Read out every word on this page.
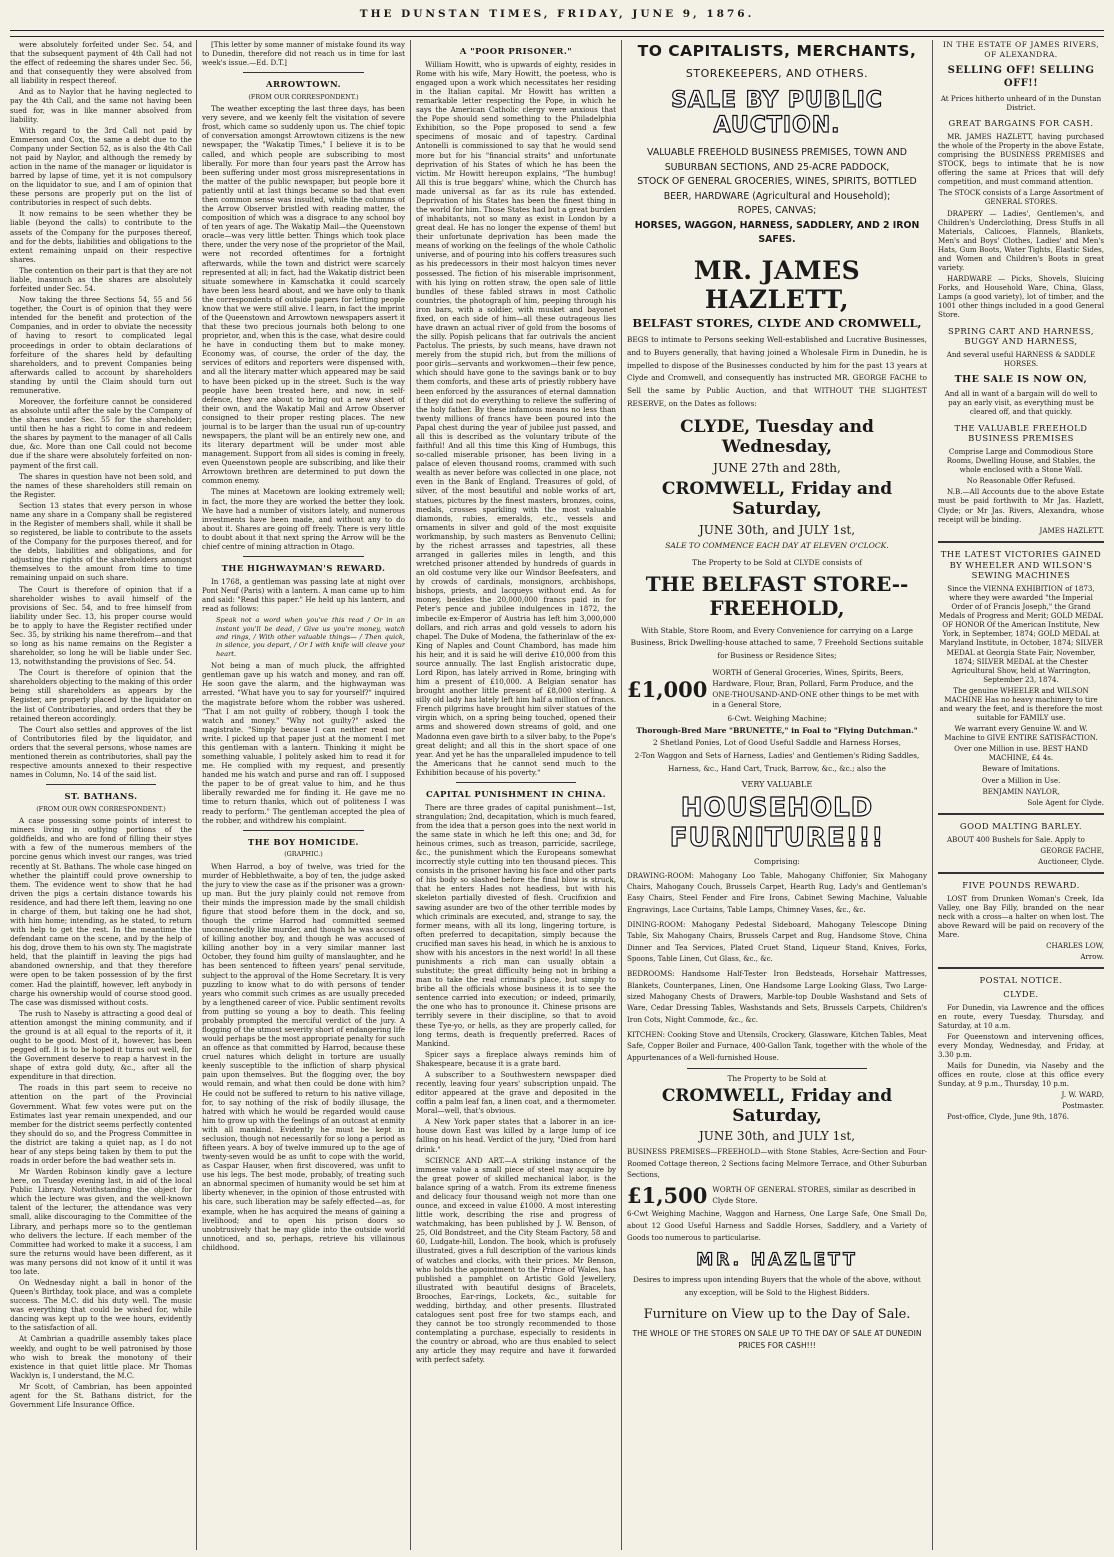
THE DUNSTAN TIMES, FRIDAY, JUNE 9, 1876.

were absolutely forfeited under Sec. 54, and that the subsequent payment of 4th Call had not the effect of redeeming the shares under Sec. 56, and that consequently they were absolved from all liability in respect thereof.

And as to Naylor that he having neglected to pay the 4th Call, and the same not having been sued for, was in like manner absolved from liability.

With regard to the 3rd Call not paid by Emmerson and Cox, the same a debt due to the Company under Section 52, as is also the 4th Call not paid by Naylor, and although the remedy by action in the name of the manager or liquidator is barred by lapse of time, yet it is not compulsory on the liquidator to sue, and I am of opinion that these persons are properly put on the list of contributories in respect of such debts.

It now remains to be seen whether they be liable (beyond the calls) to contribute to the assets of the Company for the purposes thereof, and for the debts, liabilities and obligations to the extent remaining unpaid on their respective shares.

The contention on their part is that they are not liable, inasmuch as the shares are absolutely forfeited under Sec. 54.

Now taking the three Sections 54, 55 and 56 together, the Court is of opinion that they were intended for the benefit and protection of the Companies, and in order to obviate the necessity of having to resort to complicated legal proceedings in order to obtain declarations of forfeiture of the shares held by defaulting shareholders, and to prevent Companies being afterwards called to account by shareholders standing by until the Claim should turn out remunerative.

Moreover, the forfeiture cannot be considered as absolute until after the sale by the Company of the shares under Sec. 55 for the shareholder; until then he has a right to come in and redeem the shares by payment to the manager of all Calls due, &c. More than one Call could not become due if the share were absolutely forfeited on non-payment of the first call.

The shares in question have not been sold, and the names of these shareholders still remain on the Register.

Section 13 states that every person in whose name any share in a Company shall be registered in the Register of members shall, while it shall be so registered, be liable to contribute to the assets of the Company for the purposes thereof, and for the debts, liabilities and obligations, and for adjusting the rights of the shareholders amongst themselves to the amount from time to time remaining unpaid on such share.

The Court is therefore of opinion that if a shareholder wishes to avail himself of the provisions of Sec. 54, and to free himself from liability under Sec. 13, his proper course would be to apply to have the Register rectified under Sec. 35, by striking his name therefrom—and that so long as his name remains on the Register a shareholder, so long he will be liable under Sec. 13, notwithstanding the provisions of Sec. 54.

The Court is therefore of opinion that the shareholders objecting to the making of this order being still shareholders as appears by the Register, are properly placed by the liquidator on the list of Contributories, and orders that they be retained thereon accordingly.

The Court also settles and approves of the list of Contributories filed by the liquidator, and orders that the several persons, whose names are mentioned therein as contributories, shall pay the respective amounts annexed to their respective names in Column, No. 14 of the said list.

ST. BATHANS.
(FROM OUR OWN CORRESPONDENT.)

A case possessing some points of interest to miners living in outlying portions of the goldfields, and who are fond of filling their styes with a few of the numerous members of the porcine genus which invest our ranges, was tried recently at St. Bathans. The whole case hinged on whether the plaintiff could prove ownership to them. The evidence went to show that he had driven the pigs a certain distance towards his residence, and had there left them, leaving no one in charge of them, but taking one he had shot, with him home; intending, as he stated, to return with help to get the rest. In the meantime the defendant came on the scene, and by the help of his dog, drove them to his own sty. The magistrate held, that the plaintiff in leaving the pigs had abandoned ownership, and that they therefore were open to be taken possession of by the first comer. Had the plaintiff, however, left anybody in charge his ownership would of course stood good. The case was dismissed without costs.

The rush to Naseby is attracting a good deal of attention amongst the mining community, and if the ground is at all equal to the reports of it, it ought to be good. Most of it, however, has been pegged off. It is to be hoped it turns out well, for the Government deserve to reap a harvest in the shape of extra gold duty, &c., after all the expenditure in that direction.

The roads in this part seem to receive no attention on the part of the Provincial Government. What few votes were put on the Estimates last year remain unexpended, and our member for the district seems perfectly contented they should do so, and the Progress Committee in the district are taking a quiet nap, as I do not hear of any steps being taken by them to put the roads in order before the bad weather sets in.

Mr Warden Robinson kindly gave a lecture here, on Tuesday evening last, in aid of the local Public Library. Notwithstanding the object for which the lecture was given, and the well-known talent of the lecturer, the attendance was very small, alike discouraging to the Committee of the Library, and perhaps more so to the gentleman who delivers the lecture. If each member of the Committee had worked to make it a success, I am sure the returns would have been different, as it was many persons did not know of it until it was too late.

On Wednesday night a ball in honor of the Queen's Birthday, took place, and was a complete success. The M.C. did his duty well. The music was everything that could be wished for, while dancing was kept up to the wee hours, evidently to the satisfaction of all.

At Cambrian a quadrille assembly takes place weekly, and ought to be well patronised by those who wish to break the monotony of their existence in that quiet little place. Mr Thomas Wacklyn is, I understand, the M.C.

Mr Scott, of Cambrian, has been appointed agent for the St. Bathans district, for the Government Life Insurance Office.

[This letter by some manner of mistake found its way to Dunedin, therefore did not reach us in time for last week's issue.—Ed. D.T.]

ARROWTOWN.
(FROM OUR CORRESPONDENT.)

The weather excepting the last three days, has been very severe, and we keenly felt the visitation of severe frost, which came so suddenly upon us. The chief topic of conversation amongst Arrowtown citizens is the new newspaper, the "Wakatip Times," I believe it is to be called, and which people are subscribing to most liberally. For more than four years past the Arrow has been suffering under most gross misrepresentations in the matter of the public newspaper, but people bore it patiently until at last things became so bad that even then common sense was insulted, while the columns of the Arrow Observer bristled with reading matter, the composition of which was a disgrace to any school boy of ten years of age. The Wakatip Mail—the Queenstown oracle—was very little better. Things which took place there, under the very nose of the proprietor of the Mail, were not recorded oftentimes for a fortnight afterwards, while the town and district were scarcely represented at all; in fact, had the Wakatip district been situate somewhere in Kamschatka it could scarcely have been less heard about, and we have only to thank the correspondents of outside papers for letting people know that we were still alive. I learn, in fact the imprint of the Queenstown and Arrowtown newspapers assert it that these two precious journals both belong to one proprietor, and, when this is the case, what desire could he have in conducting them but to make money. Economy was, of course, the order of the day, the services of editors and reporters were dispensed with, and all the literary matter which appeared may be said to have been picked up in the street. Such is the way people have been treated here, and now, in self-defence, they are about to bring out a new sheet of their own, and the Wakatip Mail and Arrow Observer consigned to their proper resting places. The new journal is to be larger than the usual run of up-country newspapers, the plant will be an entirely new one, and its literary department will be under most able management. Support from all sides is coming in freely, even Queenstown people are subscribing, and like their Arrowtown brethren are determined to put down the common enemy.

The mines at Macetown are looking extremely well; in fact, the more they are worked the better they look. We have had a number of visitors lately, and numerous investments have been made, and without any to do about it. Shares are going off freely. There is very little to doubt about it that next spring the Arrow will be the chief centre of mining attraction in Otago.

THE HIGHWAYMAN'S REWARD.

In 1768, a gentleman was passing late at night over Pont Neuf (Paris) with a lantern. A man came up to him and said: "Read this paper." He held up his lantern, and read as follows:

Speak not a word when you've this read / Or in an instant you'll be dead, / Give us you're money, watch and rings, / With other valuable things— / Then quick, in silence, you depart, / Or I with knife will cleave your heart.

Not being a man of much pluck, the affrighted gentleman gave up his watch and money, and ran off. He soon gave the alarm, and the highwayman was arrested. "What have you to say for yourself?" inquired the magistrate before whom the robber was ushered. "That I am not guilty of robbery, though I took the watch and money." "Why not guilty?" asked the magistrate. "Simply because I can neither read nor write. I picked up that paper just at the moment I met this gentleman with a lantern. Thinking it might be something valuable, I politely asked him to read it for me. He complied with my request, and presently handed me his watch and purse and ran off. I supposed the paper to be of great value to him, and he thus liberally rewarded me for finding it. He gave me no time to return thanks, which out of politeness I was ready to perform." The gentleman accepted the plea of the robber, and withdrew his complaint.

THE BOY HOMICIDE.
(GRAPHIC.)

When Harrod, a boy of twelve, was tried for the murder of Hebblethwaite, a boy of ten, the judge asked the jury to view the case as if the prisoner was a grown-up man. But the jury plainly could not remove from their minds the impression made by the small childish figure that stood before them in the dock, and so, though the crime Harrod had committed seemed unconnectedly like murder, and though he was accused of killing another boy, and though he was accused of killing another boy in a very similar manner last October, they found him guilty of manslaughter, and he has been sentenced to fifteen years' penal servitude, subject to the approval of the Home Secretary. It is very puzzling to know what to do with persons of tender years who commit such crimes as are usually preceded by a lengthened career of vice. Public sentiment revolts from putting so young a boy to death. This feeling probably prompted the merciful verdict of the jury. A flogging of the utmost severity short of endangering life would perhaps be the most appropriate penalty for such an offence as that committed by Harrod, because these cruel natures which delight in torture are usually keenly susceptible to the infliction of sharp physical pain upon themselves. But the flogging over, the boy would remain, and what then could be done with him? He could not be suffered to return to his native village, for, to say nothing of the risk of bodily illusage, the hatred with which he would be regarded would cause him to grow up with the feelings of an outcast at enmity with all mankind. Evidently he must be kept in seclusion, though not necessarily for so long a period as fifteen years. A boy of twelve immured up to the age of twenty-seven would be as unfit to cope with the world, as Caspar Hauser, when first discovered, was unfit to use his legs. The best mode, probably, of treating such an abnormal specimen of humanity would be set him at liberty whenever, in the opinion of those entrusted with his care, such liberation may be safely effected—as, for example, when he has acquired the means of gaining a livelihood; and to open his prison doors so unobtrusively that he may glide into the outside world unnoticed, and so, perhaps, retrieve his villainous childhood.

A "POOR PRISONER."

William Howitt, who is upwards of eighty, resides in Rome with his wife, Mary Howitt, the poetess, who is engaged upon a work which necessitates her residing in the Italian capital. Mr Howitt has written a remarkable letter respecting the Pope, in which he says the American Catholic clergy were anxious that the Pope should send something to the Philadelphia Exhibition, so the Pope proposed to send a few specimens of mosaic and of tapestry. Cardinal Antonelli is commissioned to say that he would send more but for his "financial straits" and unfortunate deprivation of his States of which he has been the victim. Mr Howitt hereupon explains, "The humbug! All this is true beggars' whine, which the Church has made universal as far as its rule has extended. Deprivation of his States has been the finest thing in the world for him. Those States had but a great burden of inhabitants, not so many as exist in London by a great deal. He has no longer the expense of them! but their unfortunate deprivation has been made the means of working on the feelings of the whole Catholic universe, and of pouring into his coffers treasures such as his predecessors in their most halcyon times never possessed. The fiction of his miserable imprisonment, with his lying on rotten straw, the open sale of little bundles of these fabled straws in most Catholic countries, the photograph of him, peeping through his iron bars, with a soldier, with musket and bayonet fixed, on each side of him—all these outrageous lies have drawn an actual river of gold from the bosoms of the silly. Popish pelicans that far outrivals the ancient Pactolus. The priests, by such means, have drawn not merely from the stupid rich, but from the millions of poor girls—servants and workwomen—their few pence, which should have gone to the savings bank or to buy them comforts, and these arts of priestly robbery have been enforced by the assurances of eternal damnation if they did not do everything to relieve the suffering of the holy father. By these infamous means no less than twenty millions of francs have been poured into the Papal chest during the year of jubilee just passed, and all this is described as the voluntary tribute of the faithful! And all this time this King of Humbugs, this so-called miserable prisoner, has been living in a palace of eleven thousand rooms, crammed with such wealth as never before was collected in one place, not even in the Bank of England. Treasures of gold, of silver, of the most beautiful and noble works of art, statues, pictures by the finest masters, bronzes, coins, medals, crosses sparkling with the most valuable diamonds, rubies, emeralds, etc., vessels and ornaments in silver and gold of the most exquisite workmanship, by such masters as Benvenuto Cellini; by the richest arrasses and tapestries, all these arranged in galleries miles in length, and this wretched prisoner attended by hundreds of guards in an old costume very like our Windsor Beefeaters, and by crowds of cardinals, monsignors, archbishops, bishops, priests, and lacqueys without end. As for money, besides the 20,000,000 francs paid in for Peter's pence and jubilee indulgences in 1872, the imbecile ex-Emperor of Austria has left him 3,000,000 dollars, and rich arras and gold vessels to adorn his chapel. The Duke of Modena, the fatherinlaw of the ex-King of Naples and Count Chambord, has made him his heir, and it is said he will derive £10,000 from this source annually. The last English aristocratic dupe, Lord Ripon, has lately arrived in Rome, bringing with him a present of £10,000. A Belgian senator has brought another little present of £8,000 sterling. A silly old lady has lately left him half a million of francs. French pilgrims have brought him silver statues of the virgin which, on a spring being touched, opened their arms and showered down streams of gold, and one Madonna even gave birth to a silver baby, to the Pope's great delight; and all this in the short space of one year. And yet he has the unparalleled impudence to tell the Americans that he cannot send much to the Exhibition because of his poverty."

CAPITAL PUNISHMENT IN CHINA.

There are three grades of capital punishment—1st, strangulation; 2nd, decapitation, which is much feared, from the idea that a person goes into the next world in the same state in which he left this one; and 3d, for heinous crimes, such as treason, parricide, sacrilege, &c., the punishment which the Europeans somewhat incorrectly style cutting into ten thousand pieces. This consists in the prisoner having his face and other parts of his body so slashed before the final blow is struck, that he enters Hades not headless, but with his skeleton partially divested of flesh. Crucifixion and sawing asunder are two of the other terrible modes by which criminals are executed, and, strange to say, the former means, with all its long, lingering torture, is often preferred to decapitation, simply because the crucified man saves his head, in which he is anxious to show with his ancestors in the next world! In all these punishments a rich man can usually obtain a substitute; the great difficulty being not in bribing a man to take the real criminal's place, but simply to bribe all the officials whose business it is to see the sentence carried into execution; or indeed, primarily, the one who has to pronounce it. Chinese prisons are terribly severe in their discipline, so that to avoid these Tye-yo, or hells, as they are properly called, for long terms, death is frequently preferred. Races of Mankind.

Spicer says a fireplace always reminds him of Shakespeare, because it is a grate bard.

A subscriber to a Southwestern newspaper died recently, leaving four years' subscription unpaid. The editor appeared at the grave and deposited in the coffin a palm leaf fan, a linen coat, and a thermometer. Moral—well, that's obvious.

A New York paper states that a laborer in an ice-house down East was killed by a large lump of ice falling on his head. Verdict of the jury, "Died from hard drink."

SCIENCE AND ART.—A striking instance of the immense value a small piece of steel may acquire by the great power of skilled mechanical labor, is the balance spring of a watch. From its extreme fineness and delicacy four thousand weigh not more than one ounce, and exceed in value £1000. A most interesting little work, describing the rise and progress of watchmaking, has been published by J. W. Benson, of 25, Old Bondstreet, and the City Steam Factory, 58 and 60, Ludgate-hill, London. The book, which is profusely illustrated, gives a full description of the various kinds of watches and clocks, with their prices. Mr Benson, who holds the appointment to the Prince of Wales, has published a pamphlet on Artistic Gold Jewellery, illustrated with beautiful designs of Bracelets, Brooches, Ear-rings, Lockets, &c., suitable for wedding, birthday, and other presents. Illustrated catalogues sent post free for two stamps each, and they cannot be too strongly recommended to those contemplating a purchase, especially to residents in the country or abroad, who are thus enabled to select any article they may require and have it forwarded with perfect safety.

TO CAPITALISTS, MERCHANTS,
STOREKEEPERS, AND OTHERS.
SALE BY PUBLIC AUCTION.
VALUABLE FREEHOLD BUSINESS PREMISES, TOWN AND SUBURBAN SECTIONS, AND 25-ACRE PADDOCK,
STOCK OF GENERAL GROCERIES, WINES, SPIRITS, BOTTLED BEER, HARDWARE (Agricultural and Household);
ROPES, CANVAS;
HORSES, WAGGON, HARNESS, SADDLERY, AND 2 IRON SAFES.
MR. JAMES HAZLETT,
BELFAST STORES, CLYDE AND CROMWELL,
BEGS to intimate to Persons seeking Well-established and Lucrative Businesses, and to Buyers generally, that having joined a Wholesale Firm in Dunedin, he is impelled to dispose of the Businesses conducted by him for the past 13 years at Clyde and Cromwell, and consequently has instructed MR. GEORGE FACHE to Sell the same by Public Auction, and that WITHOUT THE SLIGHTEST RESERVE, on the Dates as follows:
CLYDE, Tuesday and Wednesday,
JUNE 27th and 28th,
CROMWELL, Friday and Saturday,
JUNE 30th, and JULY 1st,
SALE TO COMMENCE EACH DAY AT ELEVEN O'CLOCK.
The Property to be Sold at CLYDE consists of
THE BELFAST STORE--FREEHOLD,
With Stable, Store Room, and Every Convenience for carrying on a Large Business, Brick Dwelling-house attached to same, 7 Freehold Sections suitable for Business or Residence Sites;
£1,000
WORTH of General Groceries, Wines, Spirits, Beers, Hardware, Flour, Bran, Pollard, Farm Produce, and the ONE-THOUSAND-AND-ONE other things to be met with in a General Store,
6-Cwt. Weighing Machine;
Thorough-Bred Mare "BRUNETTE," in Foal to "Flying Dutchman."
2 Shetland Ponies, Lot of Good Useful Saddle and Harness Horses,
2-Ton Waggon and Sets of Harness, Ladies' and Gentlemen's Riding Saddles, Harness, &c., Hand Cart, Truck, Barrow, &c., &c.; also the
VERY VALUABLE
HOUSEHOLD FURNITURE!!!
Comprising:
DRAWING-ROOM: Mahogany Loo Table, Mahogany Chiffonier, Six Mahogany Chairs, Mahogany Couch, Brussels Carpet, Hearth Rug, Lady's and Gentleman's Easy Chairs, Steel Fender and Fire Irons, Cabinet Sewing Machine, Valuable Engravings, Lace Curtains, Table Lamps, Chimney Vases, &c., &c.
DINING-ROOM: Mahogany Pedestal Sideboard, Mahogany Telescope Dining Table, Six Mahogany Chairs, Brussels Carpet and Rug, Handsome Stove, China Dinner and Tea Services, Plated Cruet Stand, Liqueur Stand, Knives, Forks, Spoons, Table Linen, Cut Glass, &c., &c.
BEDROOMS: Handsome Half-Tester Iron Bedsteads, Horsehair Mattresses, Blankets, Counterpanes, Linen, One Handsome Large Looking Glass, Two Large-sized Mahogany Chests of Drawers, Marble-top Double Washstand and Sets of Ware, Cedar Dressing Tables, Washstands and Sets, Brussels Carpets, Children's Iron Cots, Night Commode, &c., &c.
KITCHEN: Cooking Stove and Utensils, Crockery, Glassware, Kitchen Tables, Meat Safe, Copper Boiler and Furnace, 400-Gallon Tank, together with the whole of the Appurtenances of a Well-furnished House.
The Property to be Sold at
CROMWELL, Friday and Saturday,
JUNE 30th, and JULY 1st,
BUSINESS PREMISES—FREEHOLD—with Stone Stables, Acre-Section and Four-Roomed Cottage thereon, 2 Sections facing Melmore Terrace, and Other Suburban Sections,
£1,500 WORTH OF GENERAL STORES, similar as described in Clyde Store.
6-Cwt Weighing Machine, Waggon and Harness, One Large Safe, One Small Do, about 12 Good Useful Harness and Saddle Horses, Saddlery, and a Variety of Goods too numerous to particularise.
MR. HAZLETT
Desires to impress upon intending Buyers that the whole of the above, without any exception, will be Sold to the Highest Bidders.
Furniture on View up to the Day of Sale.
THE WHOLE OF THE STORES ON SALE UP TO THE DAY OF SALE AT DUNEDIN PRICES FOR CASH!!!
IN THE ESTATE OF JAMES RIVERS, OF ALEXANDRA.
SELLING OFF! SELLING OFF!!

At Prices hitherto unheard of in the Dunstan District.

GREAT BARGAINS FOR CASH.

MR. JAMES HAZLETT, having purchased the whole of the Property in the above Estate, comprising the BUSINESS PREMISES and STOCK, begs to intimate that he is now offering the same at Prices that will defy competition, and must command attention.

The STOCK consists of a Large Assortment of GENERAL STORES.

DRAPERY — Ladies', Gentlemen's, and Children's Underclothing, Dress Stuffs in all Materials, Calicoes, Flannels, Blankets, Men's and Boys' Clothes, Ladies' and Men's Hats, Gum Boots, Water Tights, Elastic Sides, and Women and Children's Boots in great variety.

HARDWARE — Picks, Shovels, Sluicing Forks, and Household Ware, China, Glass, Lamps (a good variety), lot of timber, and the 1001 other things included in a good General Store.

SPRING CART AND HARNESS, BUGGY AND HARNESS,

And several useful HARNESS & SADDLE HORSES.

THE SALE IS NOW ON,

And all in want of a bargain will do well to pay an early visit, as everything must be cleared off, and that quickly.

THE VALUABLE FREEHOLD BUSINESS PREMISES

Comprise Large and Commodious Store Rooms, Dwelling House, and Stables, the whole enclosed with a Stone Wall.

No Reasonable Offer Refused.

N.B.—All Accounts due to the above Estate must be paid forthwith to Mr Jas. Hazlett, Clyde; or Mr Jas. Rivers, Alexandra, whose receipt will be binding.

JAMES HAZLETT.

THE LATEST VICTORIES GAINED BY WHEELER AND WILSON'S SEWING MACHINES

Since the VIENNA EXHIBITION of 1873, where they were awarded "the Imperial Order of of Francis Joseph," the Grand Medals of Progress and Merit; GOLD MEDAL OF HONOR Of the American Institute, New York, in September, 1874; GOLD MEDAL at Maryland Institute, in October, 1874; SILVER MEDAL at Georgia State Fair, November, 1874; SILVER MEDAL at the Chester Agricultural Show, held at Warrington, September 23, 1874.

The genuine WHEELER and WILSON MACHINE Has no heavy machinery to tire and weary the feet, and is therefore the most suitable for FAMILY use.

We warrant every Genuine W. and W. Machine to GIVE ENTIRE SATISFACTION.

Over one Million in use. BEST HAND MACHINE, £4 4s.

Beware of Imitations.

Over a Million in Use.

BENJAMIN NAYLOR,

Sole Agent for Clyde.

GOOD MALTING BARLEY.

ABOUT 400 Bushels for Sale. Apply to

GEORGE FACHE,

Auctioneer, Clyde.

FIVE POUNDS REWARD.

LOST from Drunken Woman's Creek, Ida Valley, one Bay Filly, branded on the near neck with a cross—a halter on when lost. The above Reward will be paid on recovery of the Mare.

CHARLES LOW,

Arrow.

POSTAL NOTICE.
CLYDE.

For Dunedin, via Lawrence and the offices en route, every Tuesday, Thursday, and Saturday, at 10 a.m.

For Queenstown and intervening offices, every Monday, Wednesday, and Friday, at 3.30 p.m.

Mails for Dunedin, via Naseby and the offices en route, close at this office every Sunday, at 9 p.m., Thursday, 10 p.m.

J. W. WARD,

Postmaster.

Post-office, Clyde, June 9th, 1876.
